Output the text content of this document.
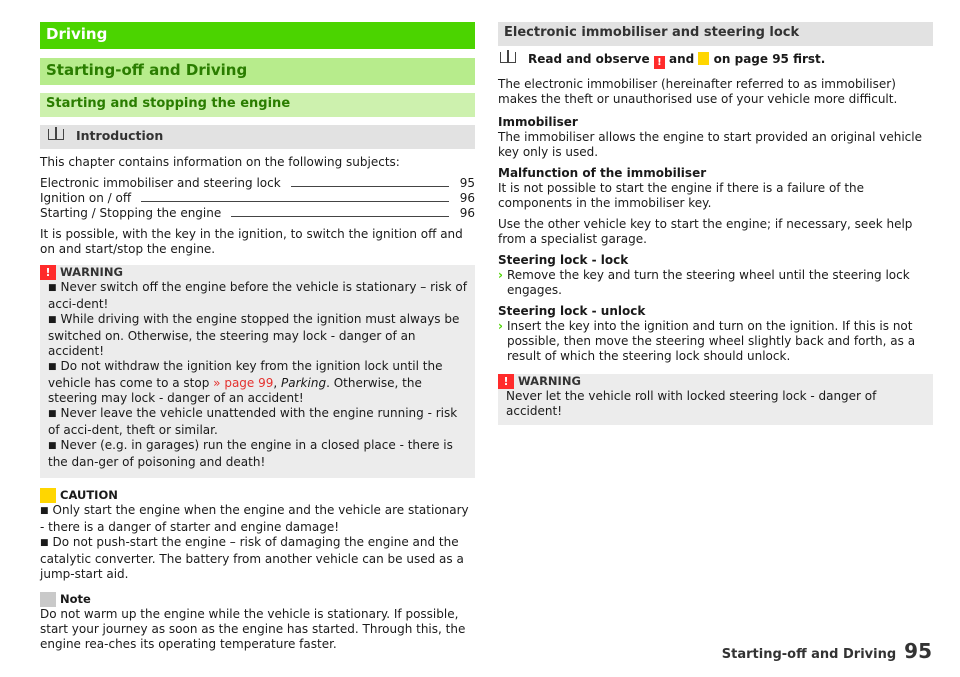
Driving
Starting-off and Driving
Starting and stopping the engine
Introduction

This chapter contains information on the following subjects:

Electronic immobiliser and steering lock	95
Ignition on / off	96
Starting / Stopping the engine	96

It is possible, with the key in the ignition, to switch the ignition off and on and start/stop the engine.

! WARNING

■ Never switch off the engine before the vehicle is stationary – risk of acci-dent!

■ While driving with the engine stopped the ignition must always be switched on. Otherwise, the steering may lock - danger of an accident!

■ Do not withdraw the ignition key from the ignition lock until the vehicle has come to a stop » page 99, Parking. Otherwise, the steering may lock - danger of an accident!

■ Never leave the vehicle unattended with the engine running - risk of acci-dent, theft or similar.

■ Never (e.g. in garages) run the engine in a closed place - there is the dan-ger of poisoning and death!

CAUTION

■ Only start the engine when the engine and the vehicle are stationary - there is a danger of starter and engine damage!

■ Do not push-start the engine – risk of damaging the engine and the catalytic converter. The battery from another vehicle can be used as a jump-start aid.

Note

Do not warm up the engine while the vehicle is stationary. If possible, start your journey as soon as the engine has started. Through this, the engine rea-ches its operating temperature faster.

Electronic immobiliser and steering lock

Read and observe ! and on page 95 first.

The electronic immobiliser (hereinafter referred to as immobiliser) makes the theft or unauthorised use of your vehicle more difficult.

Immobiliser

The immobiliser allows the engine to start provided an original vehicle key only is used.

Malfunction of the immobiliser

It is not possible to start the engine if there is a failure of the components in the immobiliser key.

Use the other vehicle key to start the engine; if necessary, seek help from a specialist garage.

Steering lock - lock

› Remove the key and turn the steering wheel until the steering lock engages.

Steering lock - unlock

› Insert the key into the ignition and turn on the ignition. If this is not possible, then move the steering wheel slightly back and forth, as a result of which the steering lock should unlock.
! WARNING

Never let the vehicle roll with locked steering lock - danger of accident!

Starting-off and Driving 95
